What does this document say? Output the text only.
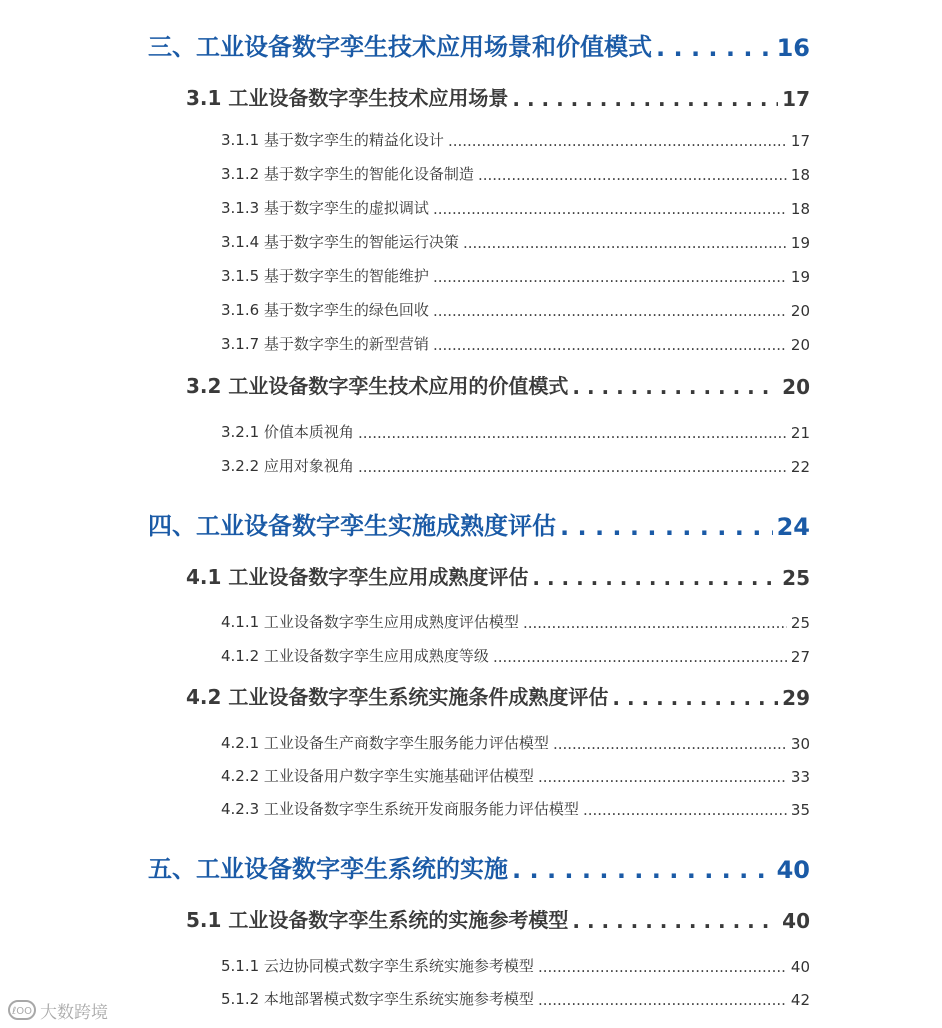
三、工业设备数字孪生技术应用场景和价值模式 . . .	16
3.1 工业设备数字孪生技术应用场景 . . .	17
3.1.1 基于数字孪生的精益化设计 .....	17
3.1.2 基于数字孪生的智能化设备制造 .....	18
3.1.3 基于数字孪生的虚拟调试 .....	18
3.1.4 基于数字孪生的智能运行决策 .....	19
3.1.5 基于数字孪生的智能维护 .....	19
3.1.6 基于数字孪生的绿色回收 .....	20
3.1.7 基于数字孪生的新型营销 .....	20
3.2 工业设备数字孪生技术应用的价值模式 . . .	20
3.2.1 价值本质视角 .....	21
3.2.2 应用对象视角 .....	22
四、工业设备数字孪生实施成熟度评估 . . .	24
4.1 工业设备数字孪生应用成熟度评估 . . .	25
4.1.1 工业设备数字孪生应用成熟度评估模型 .....	25
4.1.2 工业设备数字孪生应用成熟度等级 .....	27
4.2 工业设备数字孪生系统实施条件成熟度评估 . . .	29
4.2.1 工业设备生产商数字孪生服务能力评估模型 .....	30
4.2.2 工业设备用户数字孪生实施基础评估模型 .....	33
4.2.3 工业设备数字孪生系统开发商服务能力评估模型 .....	35
五、工业设备数字孪生系统的实施 . . .	40
5.1 工业设备数字孪生系统的实施参考模型 . . .	40
5.1.1 云边协同模式数字孪生系统实施参考模型 .....	40
5.1.2 本地部署模式数字孪生系统实施参考模型 .....	42
ℓOO 大数跨境
